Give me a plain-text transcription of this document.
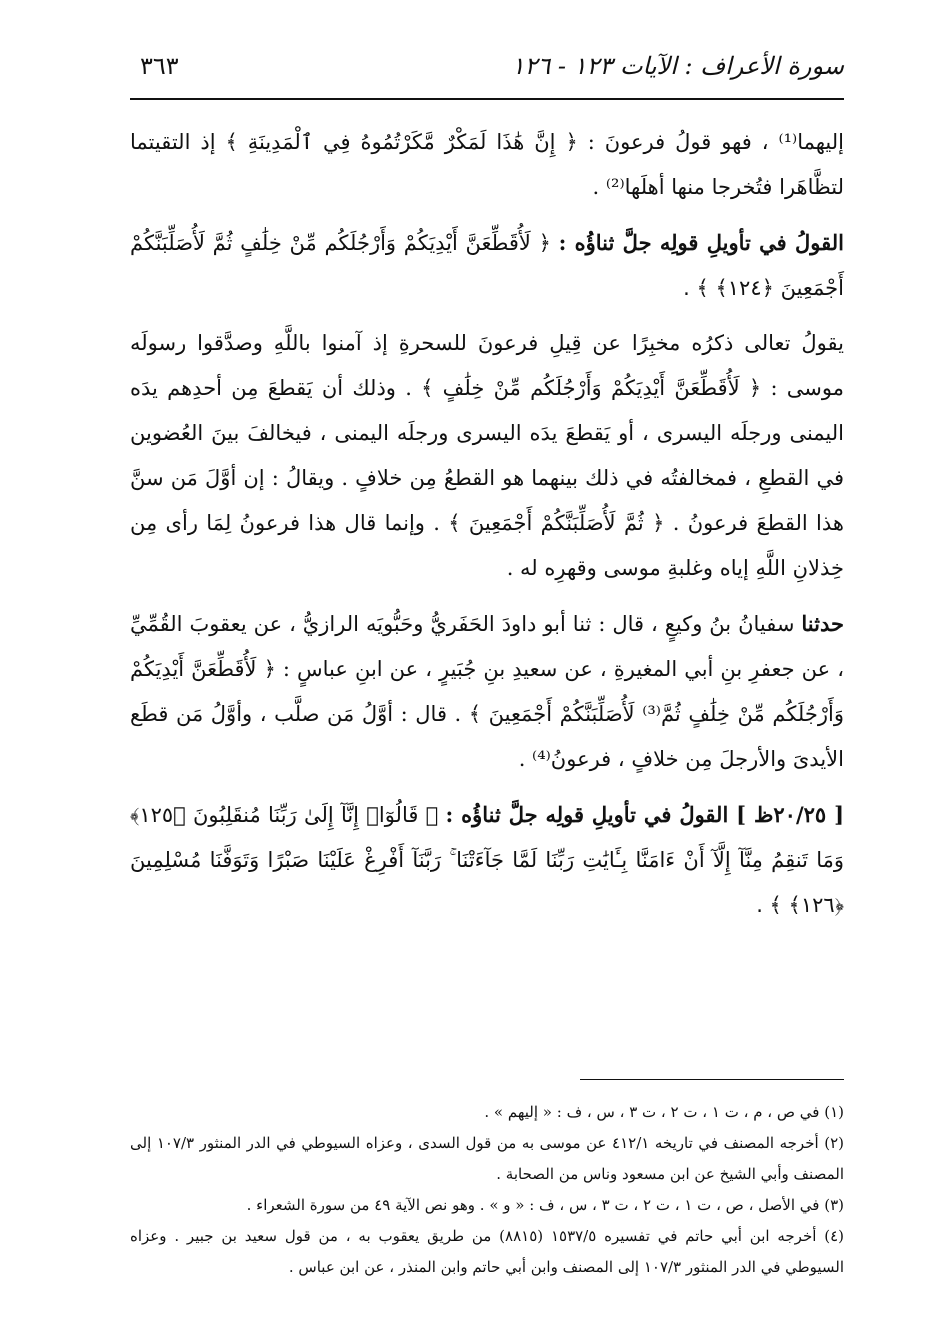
سورة الأعراف : الآيات ١٢٣ - ١٢٦
٣٦٣

إليهما⁽¹⁾ ، فهو قولُ فرعونَ : ﴿ إِنَّ هَٰذَا لَمَكْرٌ مَّكَرْتُمُوهُ فِي ٱلْمَدِينَةِ ﴾ إذ التقيتما لتظَّاهَرا فتُخرجا منها أهلَها⁽²⁾ .

القولُ في تأويلِ قولِه جلَّ ثناؤُه : ﴿ لَأُقَطِّعَنَّ أَيْدِيَكُمْ وَأَرْجُلَكُم مِّنْ خِلَٰفٍ ثُمَّ لَأُصَلِّبَنَّكُمْ أَجْمَعِينَ ﴿١٢٤﴾ ﴾ .

يقولُ تعالى ذكرُه مخبِرًا عن قِيلِ فرعونَ للسحرةِ إذ آمنوا باللَّهِ وصدَّقوا رسولَه موسى : ﴿ لَأُقَطِّعَنَّ أَيْدِيَكُمْ وَأَرْجُلَكُم مِّنْ خِلَٰفٍ ﴾ . وذلك أن يَقطعَ مِن أحدِهم يدَه اليمنى ورجلَه اليسرى ، أو يَقطعَ يدَه اليسرى ورجلَه اليمنى ، فيخالفَ بينَ العُضوين في القطعِ ، فمخالفتُه في ذلك بينهما هو القطعُ مِن خلافٍ . ويقالُ : إن أوَّلَ مَن سنَّ هذا القطعَ فرعونُ . ﴿ ثُمَّ لَأُصَلِّبَنَّكُمْ أَجْمَعِينَ ﴾ . وإنما قال هذا فرعونُ لِمَا رأى مِن خِذلانِ اللَّهِ إياه وغلبةِ موسى وقهرِه له .

حدثنا سفيانُ بنُ وكيعٍ ، قال : ثنا أبو داودَ الحَفَريُّ وحَبُّويَه الرازيُّ ، عن يعقوبَ القُمِّيِّ ، عن جعفرِ بنِ أبي المغيرةِ ، عن سعيدِ بنِ جُبَيرٍ ، عن ابنِ عباسٍ : ﴿ لَأُقَطِّعَنَّ أَيْدِيَكُمْ وَأَرْجُلَكُم مِّنْ خِلَٰفٍ ثُمَّ⁽³⁾ لَأُصَلِّبَنَّكُمْ أَجْمَعِينَ ﴾ . قال : أوَّلُ مَن صلَّب ، وأوَّلُ مَن قطَع الأيدىَ والأرجلَ مِن خلافٍ ، فرعونُ⁽⁴⁾ .

[ ٢٠/٢٥ظ ] القولُ في تأويلِ قولِه جلَّ ثناؤُه : ﴿ قَالُوٓا۟ إِنَّآ إِلَىٰ رَبِّنَا مُنقَلِبُونَ ﴿١٢٥﴾ وَمَا تَنقِمُ مِنَّآ إِلَّآ أَنْ ءَامَنَّا بِـَٔايَٰتِ رَبِّنَا لَمَّا جَآءَتْنَا ۚ رَبَّنَآ أَفْرِغْ عَلَيْنَا صَبْرًا وَتَوَفَّنَا مُسْلِمِينَ ﴿١٢٦﴾ ﴾ .

(١) في ص ، م ، ت ١ ، ت ٢ ، ت ٣ ، س ، ف : « إليهم » .

(٢) أخرجه المصنف في تاريخه ٤١٢/١ عن موسى به من قول السدى ، وعزاه السيوطي في الدر المنثور ١٠٧/٣ إلى المصنف وأبي الشيخ عن ابن مسعود وناس من الصحابة .

(٣) في الأصل ، ص ، ت ١ ، ت ٢ ، ت ٣ ، س ، ف : « و » . وهو نص الآية ٤٩ من سورة الشعراء .

(٤) أخرجه ابن أبي حاتم في تفسيره ١٥٣٧/٥ (٨٨١٥) من طريق يعقوب به ، من قول سعيد بن جبير . وعزاه السيوطي في الدر المنثور ١٠٧/٣ إلى المصنف وابن أبي حاتم وابن المنذر ، عن ابن عباس .
